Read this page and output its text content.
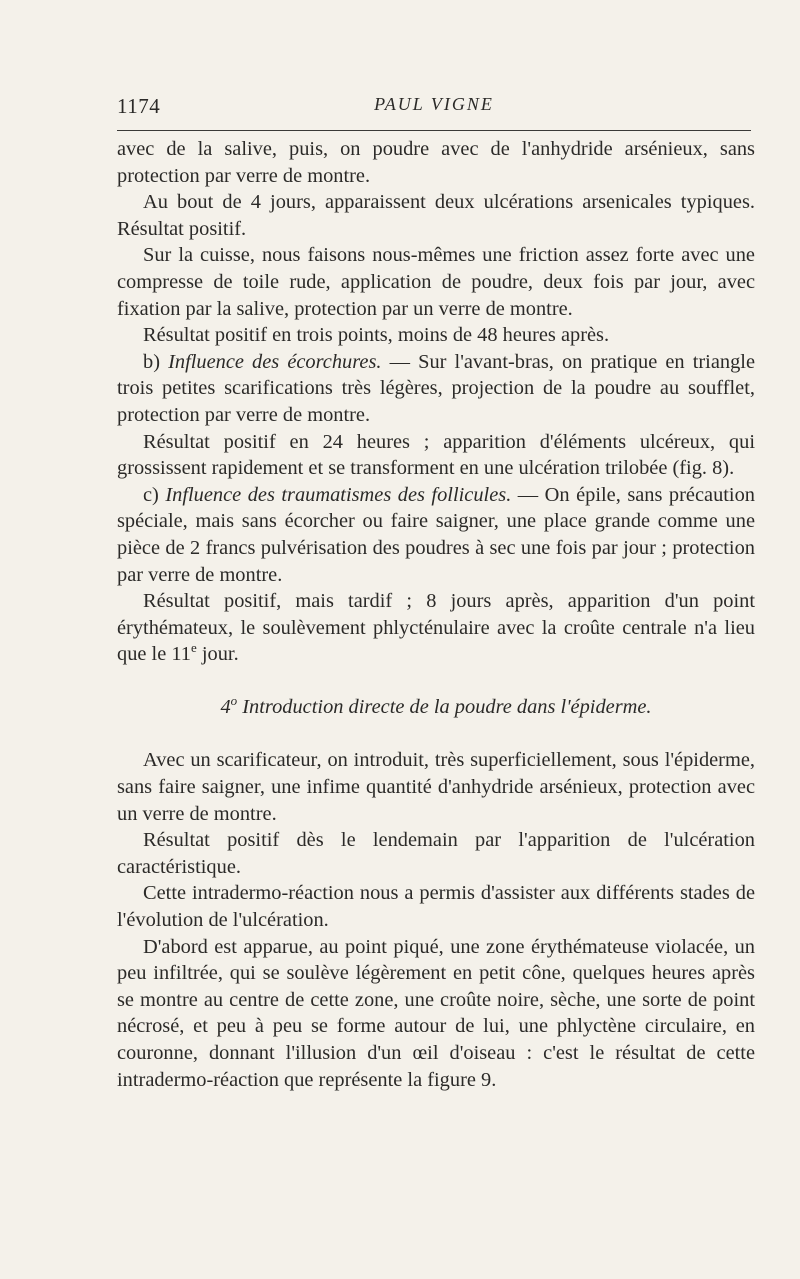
1174	PAUL VIGNE

avec de la salive, puis, on poudre avec de l'anhydride arsénieux, sans protection par verre de montre.

Au bout de 4 jours, apparaissent deux ulcérations arsenicales typiques. Résultat positif.

Sur la cuisse, nous faisons nous-mêmes une friction assez forte avec une compresse de toile rude, application de poudre, deux fois par jour, avec fixation par la salive, protection par un verre de montre.

Résultat positif en trois points, moins de 48 heures après.

b) Influence des écorchures. — Sur l'avant-bras, on pratique en triangle trois petites scarifications très légères, projection de la poudre au soufflet, protection par verre de montre.

Résultat positif en 24 heures ; apparition d'éléments ulcéreux, qui grossissent rapidement et se transforment en une ulcération trilobée (fig. 8).

c) Influence des traumatismes des follicules. — On épile, sans précaution spéciale, mais sans écorcher ou faire saigner, une place grande comme une pièce de 2 francs pulvérisation des poudres à sec une fois par jour ; protection par verre de montre.

Résultat positif, mais tardif ; 8 jours après, apparition d'un point érythémateux, le soulèvement phlycténulaire avec la croûte centrale n'a lieu que le 11e jour.

4$^o$ Introduction directe de la poudre dans l'épiderme.

Avec un scarificateur, on introduit, très superficiellement, sous l'épiderme, sans faire saigner, une infime quantité d'anhydride arsénieux, protection avec un verre de montre.

Résultat positif dès le lendemain par l'apparition de l'ulcération caractéristique.

Cette intradermo-réaction nous a permis d'assister aux différents stades de l'évolution de l'ulcération.

D'abord est apparue, au point piqué, une zone érythémateuse violacée, un peu infiltrée, qui se soulève légèrement en petit cône, quelques heures après se montre au centre de cette zone, une croûte noire, sèche, une sorte de point nécrosé, et peu à peu se forme autour de lui, une phlyctène circulaire, en couronne, donnant l'illusion d'un œil d'oiseau : c'est le résultat de cette intradermo-réaction que représente la figure 9.
